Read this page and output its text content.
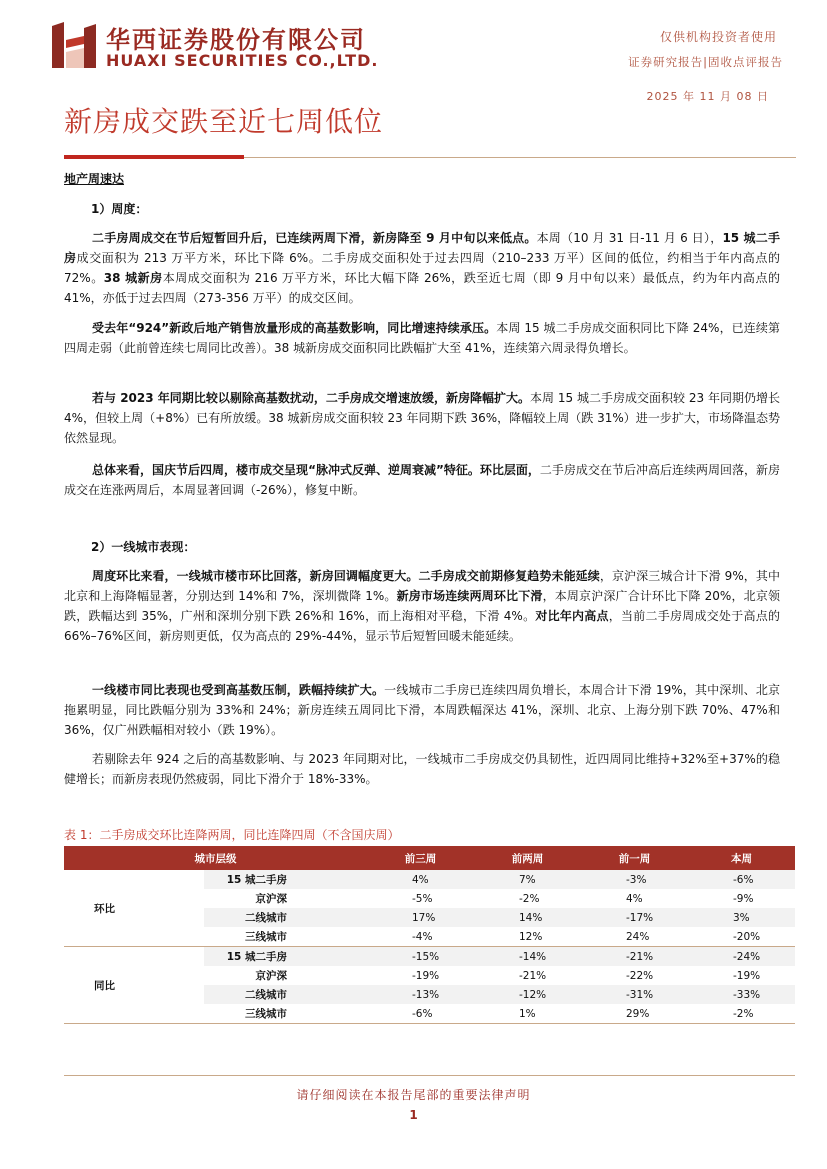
华西证券股份有限公司
HUAXI SECURITIES CO.,LTD.
仅供机构投资者使用
证券研究报告|固收点评报告
2025 年 11 月 08 日
新房成交跌至近七周低位
地产周速达
1）周度：

二手房周成交在节后短暂回升后，已连续两周下滑，新房降至 9 月中旬以来低点。本周（10 月 31 日-11 月 6 日），15 城二手房成交面积为 213 万平方米，环比下降 6%。二手房成交面积处于过去四周（210–233 万平）区间的低位，约相当于年内高点的 72%。38 城新房本周成交面积为 216 万平方米，环比大幅下降 26%，跌至近七周（即 9 月中旬以来）最低点，约为年内高点的 41%，亦低于过去四周（273-356 万平）的成交区间。

受去年“924”新政后地产销售放量形成的高基数影响，同比增速持续承压。本周 15 城二手房成交面积同比下降 24%，已连续第四周走弱（此前曾连续七周同比改善）。38 城新房成交面积同比跌幅扩大至 41%，连续第六周录得负增长。

若与 2023 年同期比较以剔除高基数扰动，二手房成交增速放缓，新房降幅扩大。本周 15 城二手房成交面积较 23 年同期仍增长 4%，但较上周（+8%）已有所放缓。38 城新房成交面积较 23 年同期下跌 36%，降幅较上周（跌 31%）进一步扩大，市场降温态势依然显现。

总体来看，国庆节后四周，楼市成交呈现“脉冲式反弹、逆周衰减”特征。环比层面，二手房成交在节后冲高后连续两周回落，新房成交在连涨两周后，本周显著回调（-26%），修复中断。

2）一线城市表现：

周度环比来看，一线城市楼市环比回落，新房回调幅度更大。二手房成交前期修复趋势未能延续，京沪深三城合计下滑 9%，其中北京和上海降幅显著，分别达到 14%和 7%，深圳微降 1%。新房市场连续两周环比下滑，本周京沪深广合计环比下降 20%，北京领跌，跌幅达到 35%，广州和深圳分别下跌 26%和 16%，而上海相对平稳，下滑 4%。对比年内高点，当前二手房周成交处于高点的 66%–76%区间，新房则更低，仅为高点的 29%-44%，显示节后短暂回暖未能延续。

一线楼市同比表现也受到高基数压制，跌幅持续扩大。一线城市二手房已连续四周负增长，本周合计下滑 19%，其中深圳、北京拖累明显，同比跌幅分别为 33%和 24%；新房连续五周同比下滑，本周跌幅深达 41%，深圳、北京、上海分别下跌 70%、47%和 36%，仅广州跌幅相对较小（跌 19%）。

若剔除去年 924 之后的高基数影响、与 2023 年同期对比，一线城市二手房成交仍具韧性，近四周同比维持+32%至+37%的稳健增长；而新房表现仍然疲弱，同比下滑介于 18%-33%。

表 1：二手房成交环比连降两周，同比连降四周（不含国庆周）
城市层级		前三周	前两周	前一周	本周
环比	15 城二手房	4%	7%	-3%	-6%
	京沪深	-5%	-2%	4%	-9%
	二线城市	17%	14%	-17%	3%
	三线城市	-4%	12%	24%	-20%
同比	15 城二手房	-15%	-14%	-21%	-24%
	京沪深	-19%	-21%	-22%	-19%
	二线城市	-13%	-12%	-31%	-33%
	三线城市	-6%	1%	29%	-2%
请仔细阅读在本报告尾部的重要法律声明
1
